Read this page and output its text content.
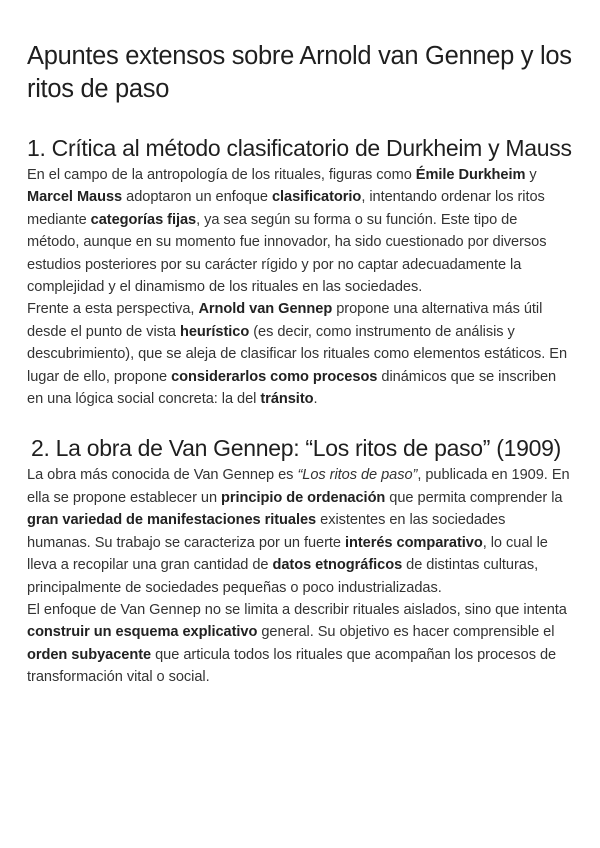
Apuntes extensos sobre Arnold van Gennep y los ritos de paso
1. Crítica al método clasificatorio de Durkheim y Mauss

En el campo de la antropología de los rituales, figuras como Émile Durkheim y Marcel Mauss adoptaron un enfoque clasificatorio, intentando ordenar los ritos mediante categorías fijas, ya sea según su forma o su función. Este tipo de método, aunque en su momento fue innovador, ha sido cuestionado por diversos estudios posteriores por su carácter rígido y por no captar adecuadamente la complejidad y el dinamismo de los rituales en las sociedades.

Frente a esta perspectiva, Arnold van Gennep propone una alternativa más útil desde el punto de vista heurístico (es decir, como instrumento de análisis y descubrimiento), que se aleja de clasificar los rituales como elementos estáticos. En lugar de ello, propone considerarlos como procesos dinámicos que se inscriben en una lógica social concreta: la del tránsito.

2. La obra de Van Gennep: “Los ritos de paso” (1909)

La obra más conocida de Van Gennep es “Los ritos de paso”, publicada en 1909. En ella se propone establecer un principio de ordenación que permita comprender la gran variedad de manifestaciones rituales existentes en las sociedades humanas. Su trabajo se caracteriza por un fuerte interés comparativo, lo cual le lleva a recopilar una gran cantidad de datos etnográficos de distintas culturas, principalmente de sociedades pequeñas o poco industrializadas.

El enfoque de Van Gennep no se limita a describir rituales aislados, sino que intenta construir un esquema explicativo general. Su objetivo es hacer comprensible el orden subyacente que articula todos los rituales que acompañan los procesos de transformación vital o social.
